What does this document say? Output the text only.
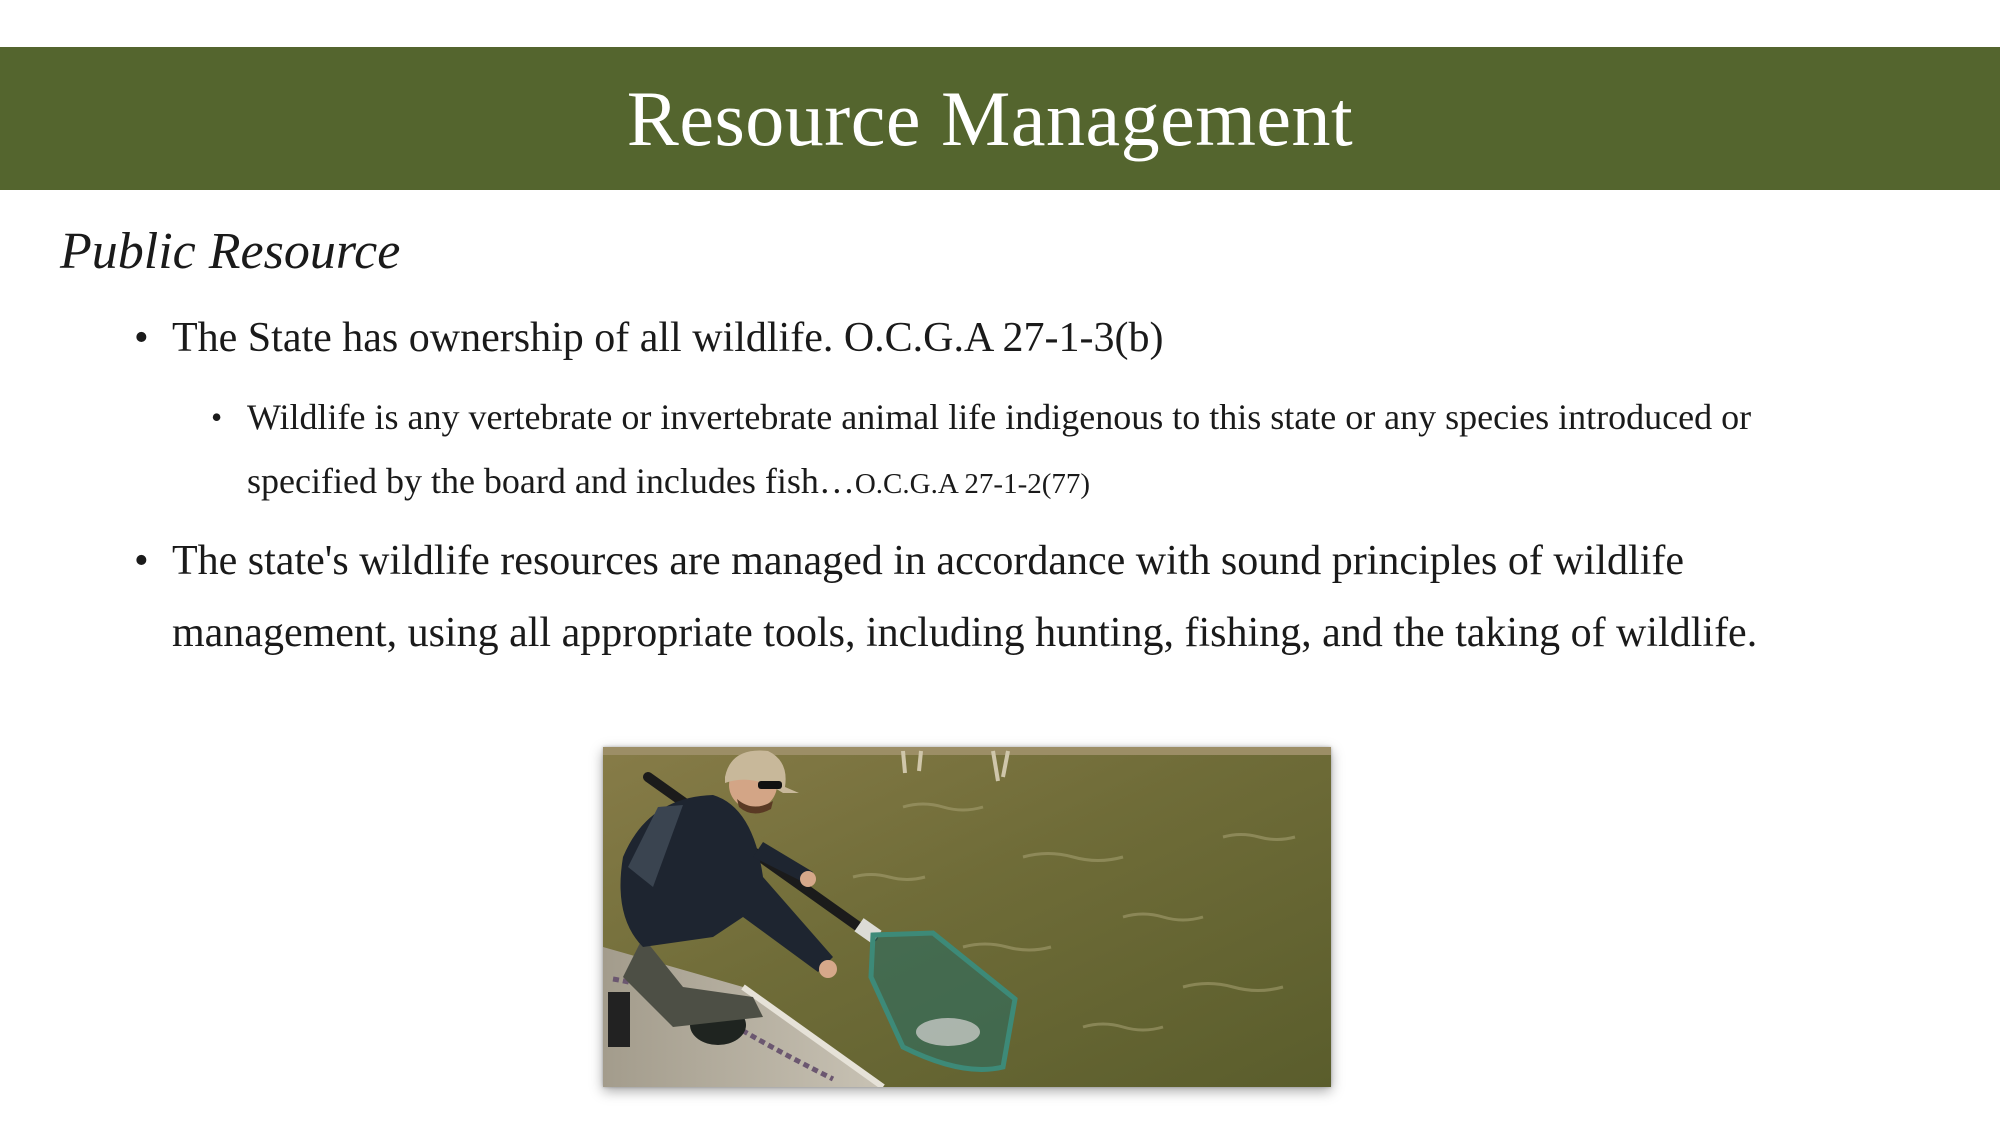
Resource Management
Public Resource

• The State has ownership of all wildlife. O.C.G.A 27-1-3(b)

• Wildlife is any vertebrate or invertebrate animal life indigenous to this state or any species introduced or specified by the board and includes fish…O.C.G.A 27-1-2(77)

• The state's wildlife resources are managed in accordance with sound principles of wildlife management, using all appropriate tools, including hunting, fishing, and the taking of wildlife.
